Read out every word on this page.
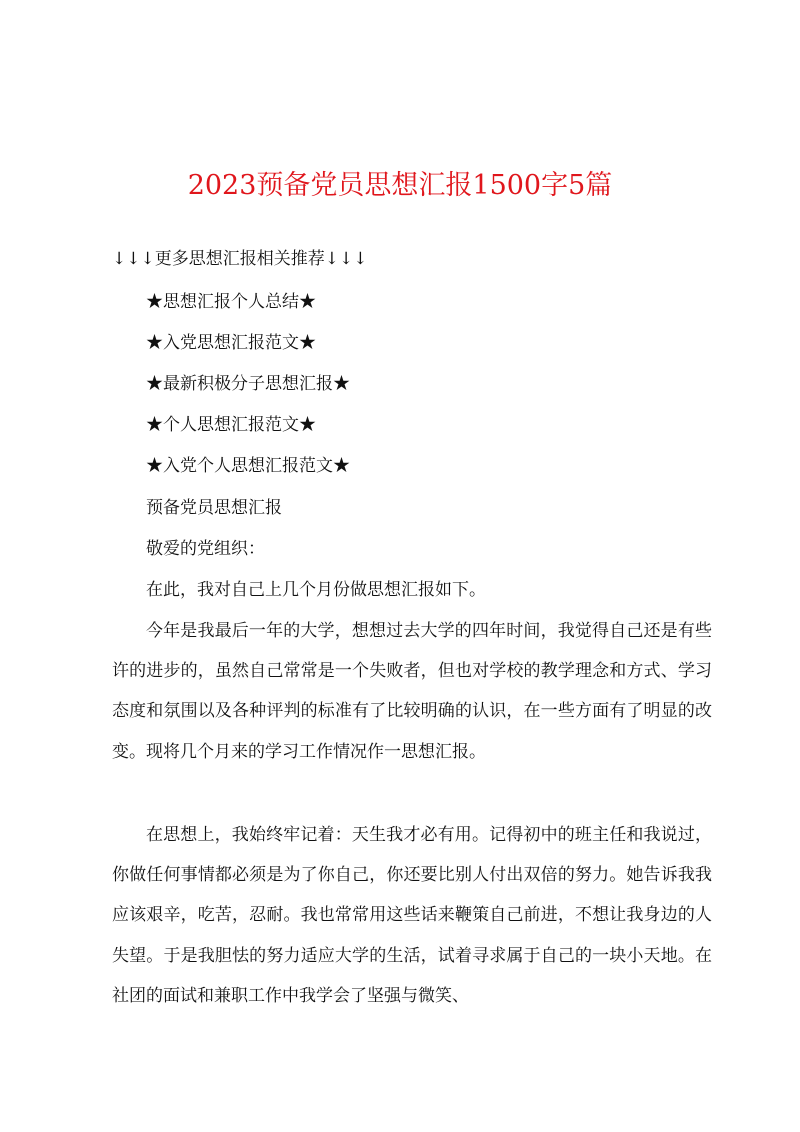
2023预备党员思想汇报1500字5篇
↓↓↓更多思想汇报相关推荐↓↓↓
★思想汇报个人总结★
★入党思想汇报范文★
★最新积极分子思想汇报★
★个人思想汇报范文★
★入党个人思想汇报范文★
预备党员思想汇报
敬爱的党组织：
在此，我对自己上几个月份做思想汇报如下。
今年是我最后一年的大学，想想过去大学的四年时间，我觉得自己还是有些许的进步的，虽然自己常常是一个失败者，但也对学校的教学理念和方式、学习态度和氛围以及各种评判的标准有了比较明确的认识，在一些方面有了明显的改变。现将几个月来的学习工作情况作一思想汇报。
在思想上，我始终牢记着：天生我才必有用。记得初中的班主任和我说过，你做任何事情都必须是为了你自己，你还要比别人付出双倍的努力。她告诉我我应该艰辛，吃苦，忍耐。我也常常用这些话来鞭策自己前进，不想让我身边的人失望。于是我胆怯的努力适应大学的生活，试着寻求属于自己的一块小天地。在社团的面试和兼职工作中我学会了坚强与微笑、
